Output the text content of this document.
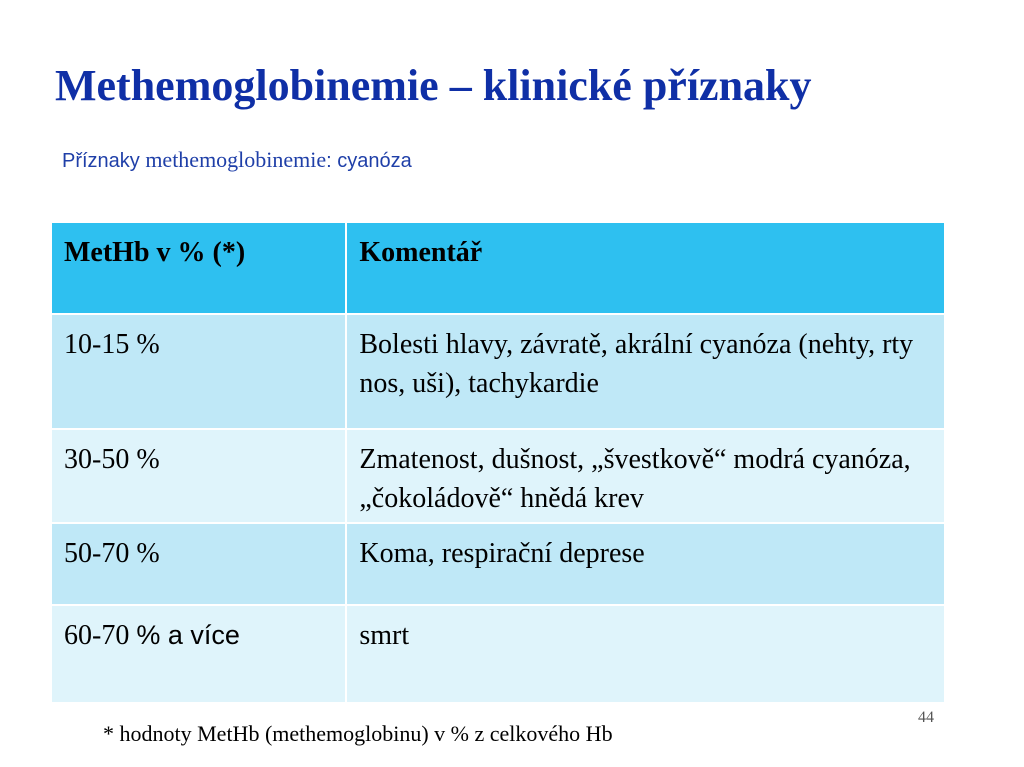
Methemoglobinemie – klinické příznaky
Příznaky methemoglobinemie: cyanóza
MetHb v % (*)	Komentář
10-15 %	Bolesti hlavy, závratě, akrální cyanóza (nehty, rty nos, uši), tachykardie
30-50 %	Zmatenost, dušnost, „švestkově“ modrá cyanóza, „čokoládově“ hnědá krev
50-70 %	Koma, respirační deprese
60-70 % a více	smrt
44
* hodnoty MetHb (methemoglobinu) v % z celkového Hb
